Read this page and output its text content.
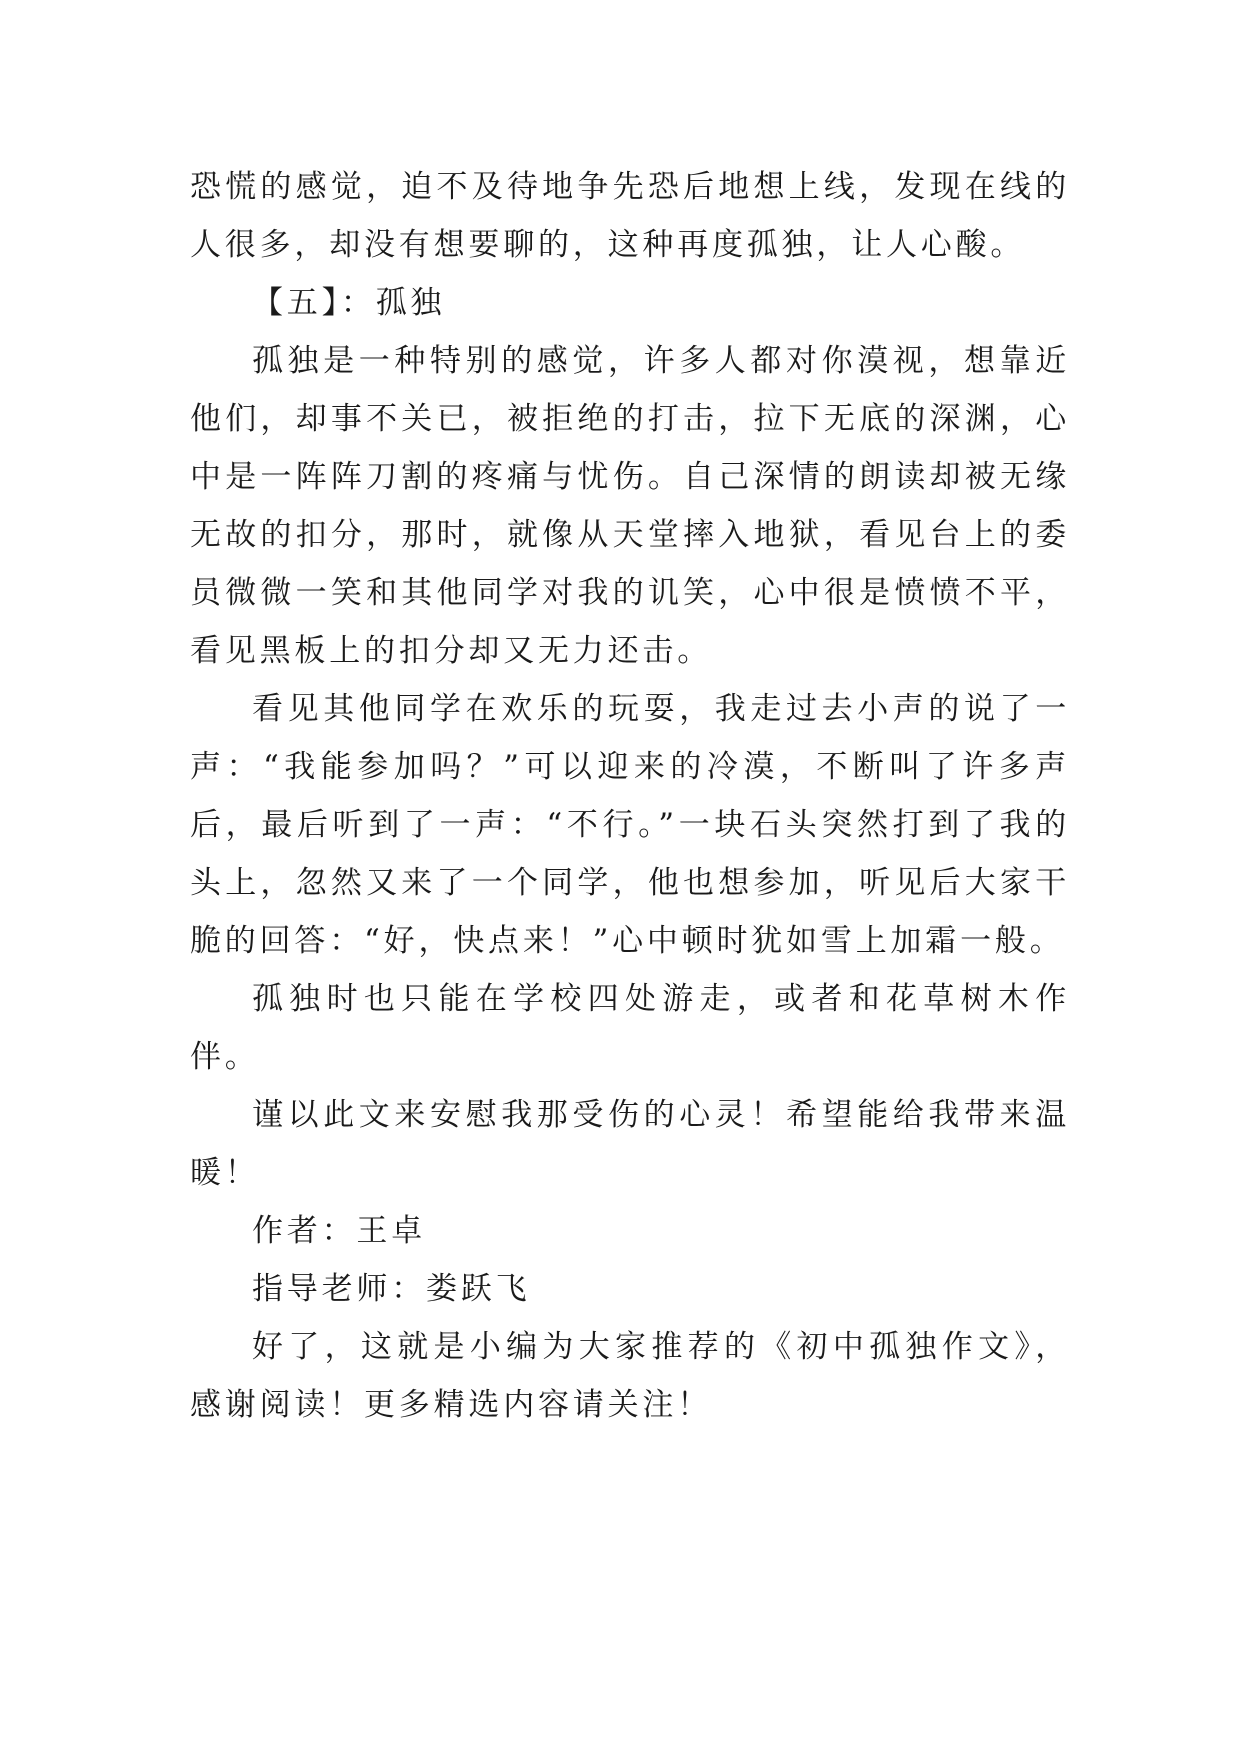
恐慌的感觉，迫不及待地争先恐后地想上线，发现在线的人很多，却没有想要聊的，这种再度孤独，让人心酸。

【五】：孤独

孤独是一种特别的感觉，许多人都对你漠视，想靠近他们，却事不关已，被拒绝的打击，拉下无底的深渊，心中是一阵阵刀割的疼痛与忧伤。自己深情的朗读却被无缘无故的扣分，那时，就像从天堂摔入地狱，看见台上的委员微微一笑和其他同学对我的讥笑，心中很是愤愤不平，看见黑板上的扣分却又无力还击。

看见其他同学在欢乐的玩耍，我走过去小声的说了一声：“我能参加吗？”可以迎来的冷漠，不断叫了许多声后，最后听到了一声：“不行。”一块石头突然打到了我的头上，忽然又来了一个同学，他也想参加，听见后大家干脆的回答：“好，快点来！”心中顿时犹如雪上加霜一般。

孤独时也只能在学校四处游走，或者和花草树木作伴。

谨以此文来安慰我那受伤的心灵！希望能给我带来温暖！

作者：王卓

指导老师：娄跃飞

好了，这就是小编为大家推荐的《初中孤独作文》，感谢阅读！更多精选内容请关注！
